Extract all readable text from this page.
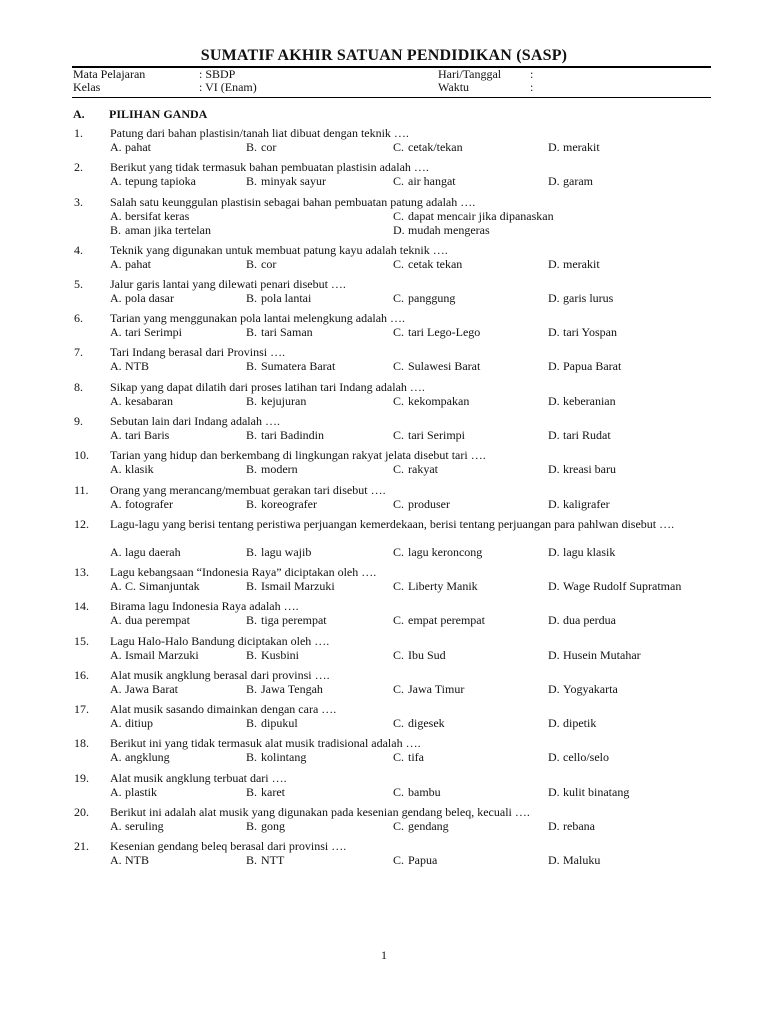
SUMATIF AKHIR SATUAN PENDIDIKAN (SASP)
Mata Pelajaran	: SBDP	Hari/Tanggal :
Kelas	: VI (Enam)	Waktu	:
A. PILIHAN GANDA
1. Patung dari bahan plastisin/tanah liat dibuat dengan teknik ….
A. pahat	B. cor	C. cetak/tekan	D. merakit
2. Berikut yang tidak termasuk bahan pembuatan plastisin adalah ….
A. tepung tapioka	B. minyak sayur	C. air hangat	D. garam
3. Salah satu keunggulan plastisin sebagai bahan pembuatan patung adalah ….
A. bersifat keras
B. aman jika tertelan
C. dapat mencair jika dipanaskan
D. mudah mengeras
4. Teknik yang digunakan untuk membuat patung kayu adalah teknik ….
A. pahat	B. cor	C. cetak tekan	D. merakit
5. Jalur garis lantai yang dilewati penari disebut ….
A. pola dasar	B. pola lantai	C. panggung	D. garis lurus
6. Tarian yang menggunakan pola lantai melengkung adalah ….
A. tari Serimpi	B. tari Saman	C. tari Lego-Lego	D. tari Yospan
7. Tari Indang berasal dari Provinsi ….
A. NTB	B. Sumatera Barat	C. Sulawesi Barat	D. Papua Barat
8. Sikap yang dapat dilatih dari proses latihan tari Indang adalah ….
A. kesabaran	B. kejujuran	C. kekompakan	D. keberanian
9. Sebutan lain dari Indang adalah ….
A. tari Baris	B. tari Badindin	C. tari Serimpi	D. tari Rudat
10. Tarian yang hidup dan berkembang di lingkungan rakyat jelata disebut tari ….
A. klasik	B. modern	C. rakyat	D. kreasi baru
11. Orang yang merancang/membuat gerakan tari disebut ….
A. fotografer	B. koreografer	C. produser	D. kaligrafer
12. Lagu-lagu yang berisi tentang peristiwa perjuangan kemerdekaan, berisi tentang perjuangan para pahlwan disebut ….
A. lagu daerah	B. lagu wajib	C. lagu keroncong	D. lagu klasik
13. Lagu kebangsaan “Indonesia Raya” diciptakan oleh ….
A. C. Simanjuntak	B. Ismail Marzuki	C. Liberty Manik	D. Wage Rudolf Supratman
14. Birama lagu Indonesia Raya adalah ….
A. dua perempat	B. tiga perempat	C. empat perempat	D. dua perdua
15. Lagu Halo-Halo Bandung diciptakan oleh ….
A. Ismail Marzuki	B. Kusbini	C. Ibu Sud	D. Husein Mutahar
16. Alat musik angklung berasal dari provinsi ….
A. Jawa Barat	B. Jawa Tengah	C. Jawa Timur	D. Yogyakarta
17. Alat musik sasando dimainkan dengan cara ….
A. ditiup	B. dipukul	C. digesek	D. dipetik
18. Berikut ini yang tidak termasuk alat musik tradisional adalah ….
A. angklung	B. kolintang	C. tifa	D. cello/selo
19. Alat musik angklung terbuat dari ….
A. plastik	B. karet	C. bambu	D. kulit binatang
20. Berikut ini adalah alat musik yang digunakan pada kesenian gendang beleq, kecuali ….
A. seruling	B. gong	C. gendang	D. rebana
21. Kesenian gendang beleq berasal dari provinsi ….
A. NTB	B. NTT	C. Papua	D. Maluku
1
